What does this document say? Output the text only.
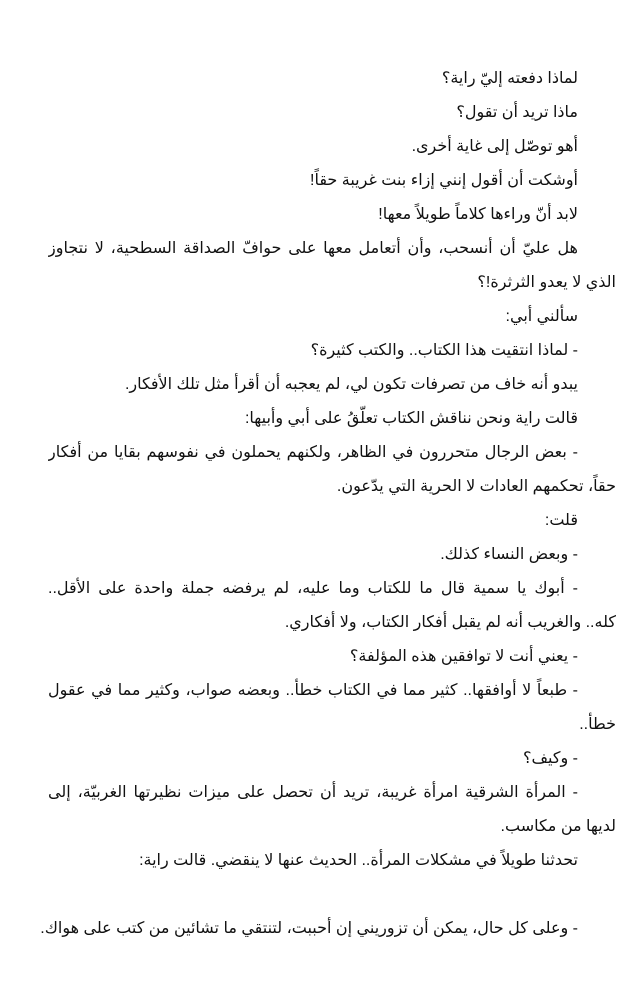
لماذا دفعته إليّ راية؟
ماذا تريد أن تقول؟
أهو توصّل إلى غاية أخرى.
أوشكت أن أقول إنني إزاء بنت غريبة حقاً!
لابد أنّ وراءها كلاماً طويلاً معها!
هل عليّ أن أنسحب، وأن أتعامل معها على حوافّ الصداقة السطحية، لا نتجاوز
الذي لا يعدو الثرثرة!؟
سألني أبي:
- لماذا انتقيت هذا الكتاب.. والكتب كثيرة؟
يبدو أنه خاف من تصرفات تكون لي، لم يعجبه أن أقرأ مثل تلك الأفكار.
قالت راية ونحن نناقش الكتاب تعلّقُ على أبي وأبيها:
- بعض الرجال متحررون في الظاهر، ولكنهم يحملون في نفوسهم بقايا من أفكار
حقاً، تحكمهم العادات لا الحرية التي يدّعون.
قلت:
- وبعض النساء كذلك.
- أبوك يا سمية قال ما للكتاب وما عليه، لم يرفضه جملة واحدة على الأقل..
كله.. والغريب أنه لم يقبل أفكار الكتاب، ولا أفكاري.
- يعني أنت لا توافقين هذه المؤلفة؟
- طبعاً لا أوافقها.. كثير مما في الكتاب خطأ.. وبعضه صواب، وكثير مما في عقول
خطأ..
- وكيف؟
- المرأة الشرقية امرأة غريبة، تريد أن تحصل على ميزات نظيرتها الغربيّة، إلى
لديها من مكاسب.
تحدثنا طويلاً في مشكلات المرأة.. الحديث عنها لا ينقضي. قالت راية:
- وعلى كل حال، يمكن أن تزوريني إن أحببت، لتنتقي ما تشائين من كتب على هواك.
